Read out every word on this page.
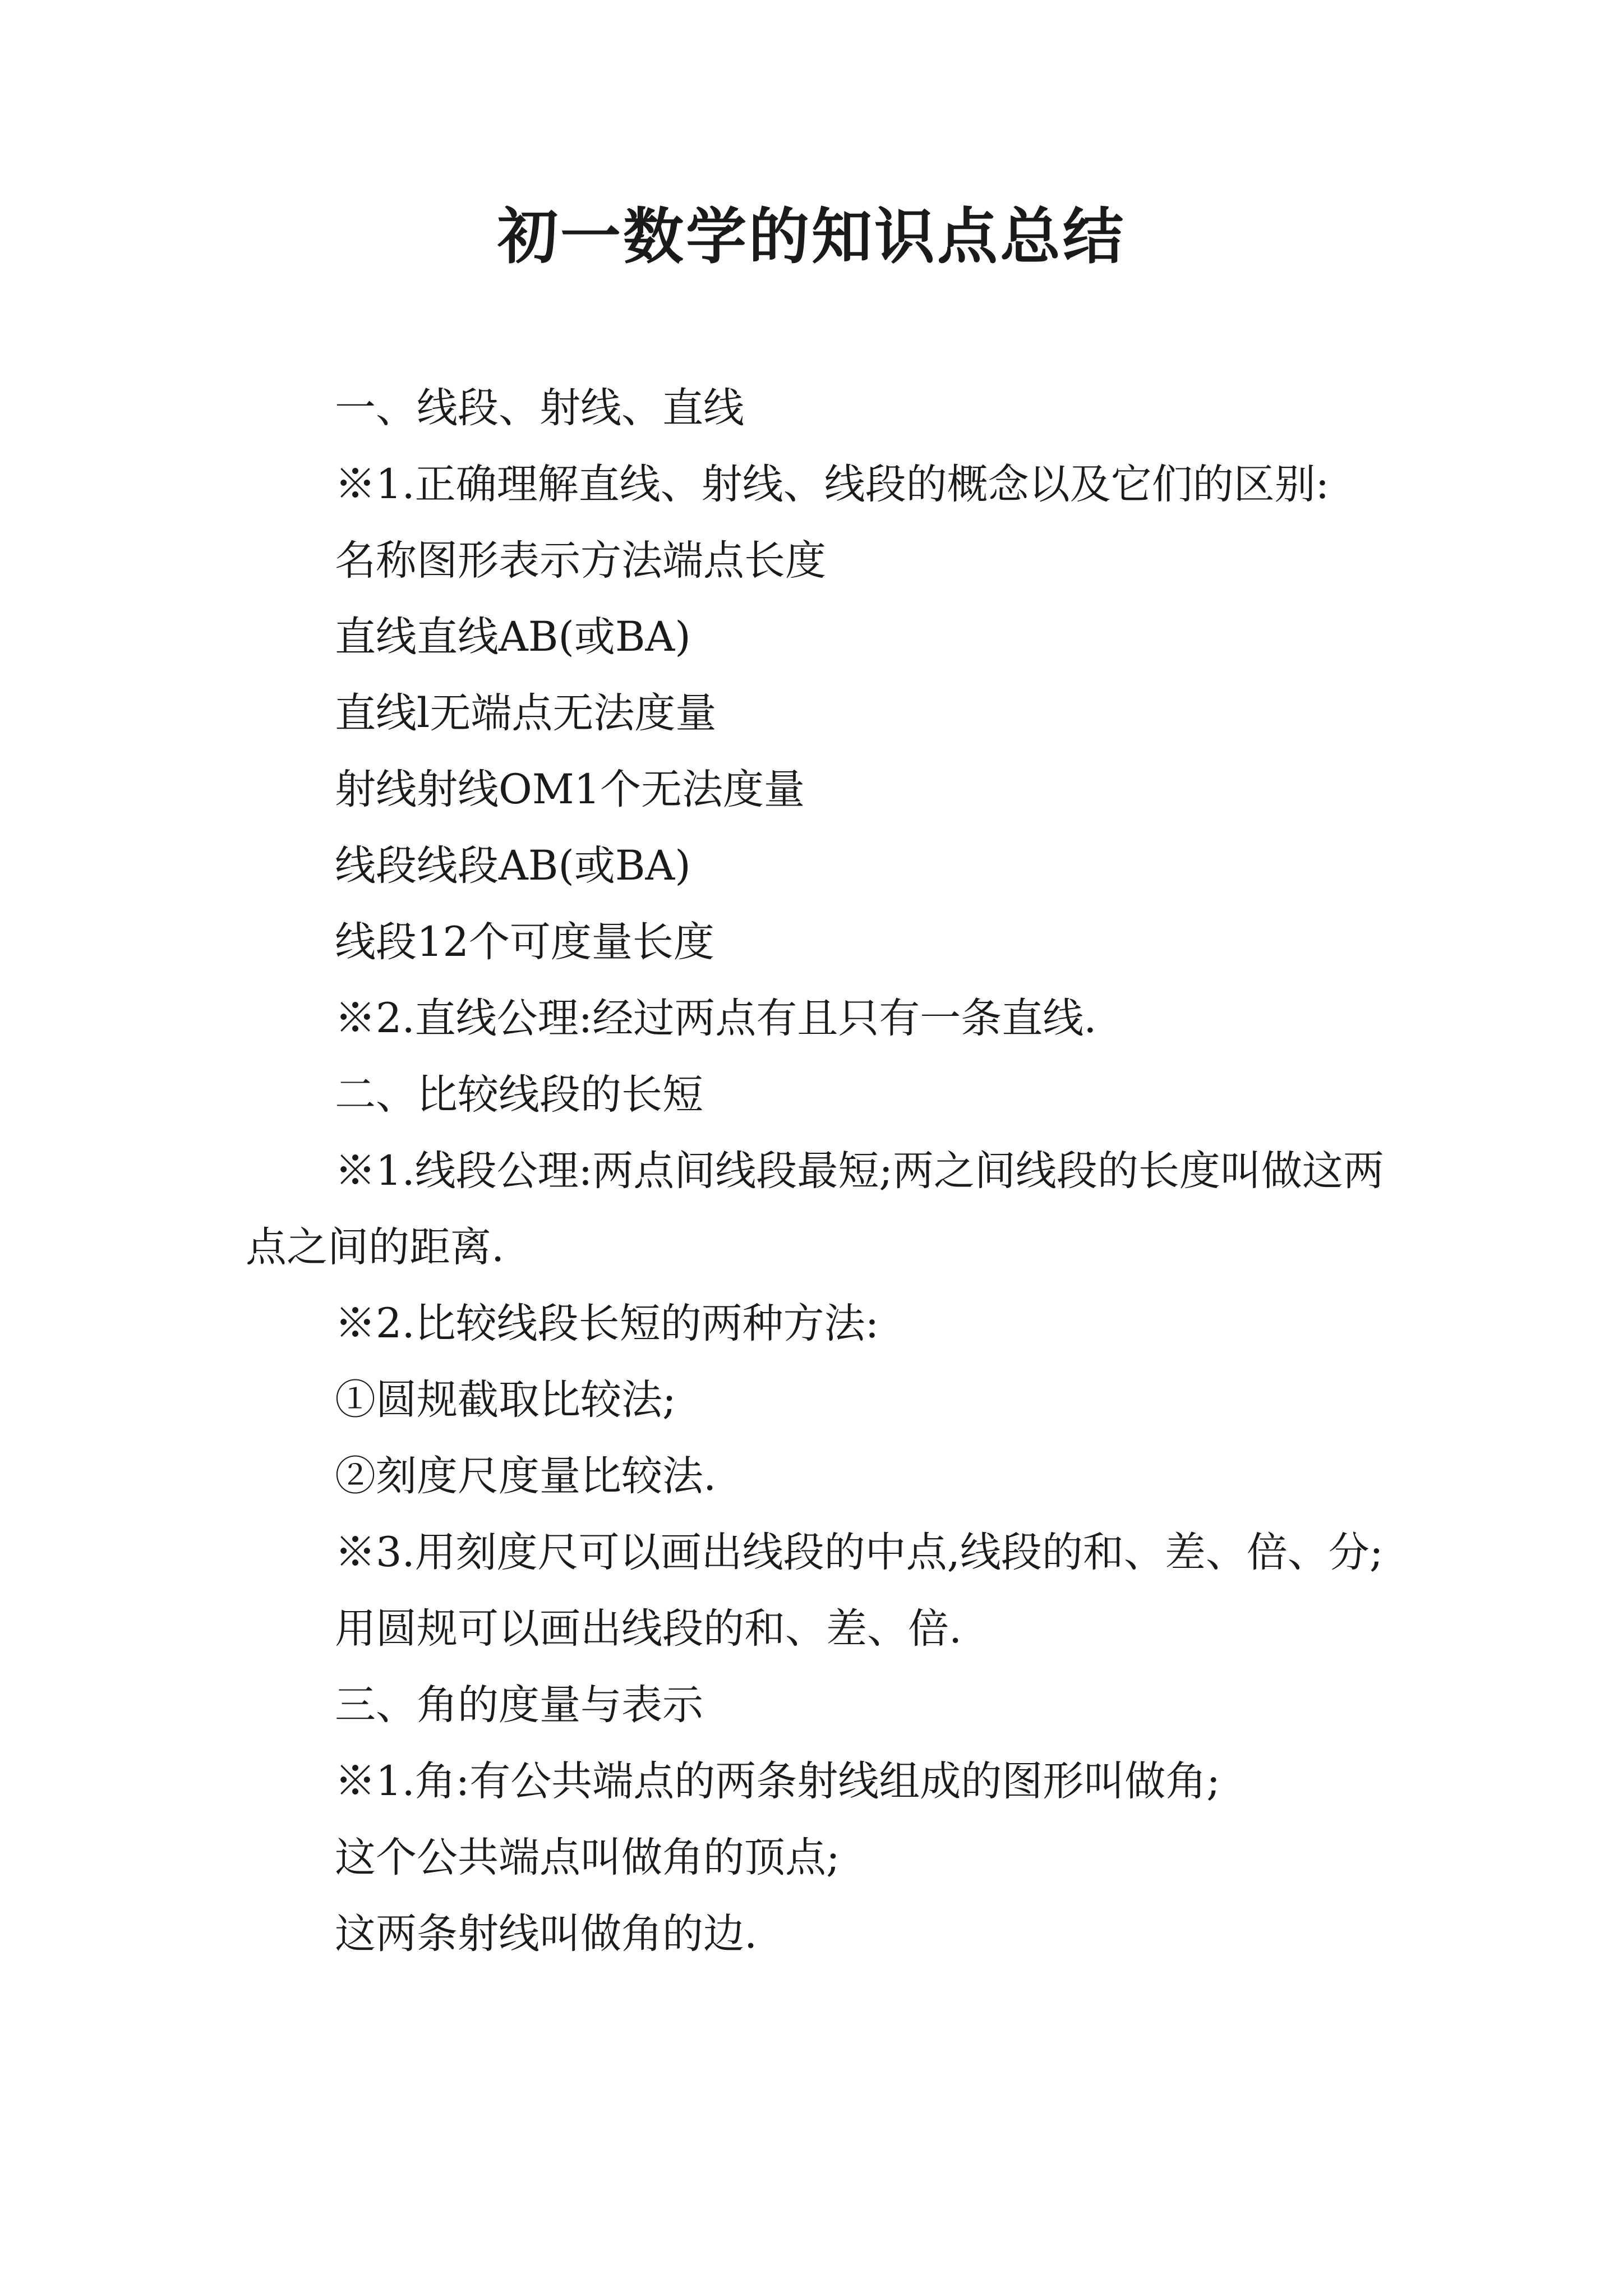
初一数学的知识点总结

一、线段、射线、直线

※1.正确理解直线、射线、线段的概念以及它们的区别:

名称图形表示方法端点长度

直线直线AB(或BA)

直线l无端点无法度量

射线射线OM1个无法度量

线段线段AB(或BA)

线段12个可度量长度

※2.直线公理:经过两点有且只有一条直线.

二、比较线段的长短

※1.线段公理:两点间线段最短;两之间线段的长度叫做这两点之间的距离.

※2.比较线段长短的两种方法:

①圆规截取比较法;

②刻度尺度量比较法.

※3.用刻度尺可以画出线段的中点,线段的和、差、倍、分;

用圆规可以画出线段的和、差、倍.

三、角的度量与表示

※1.角:有公共端点的两条射线组成的图形叫做角;

这个公共端点叫做角的顶点;

这两条射线叫做角的边.
